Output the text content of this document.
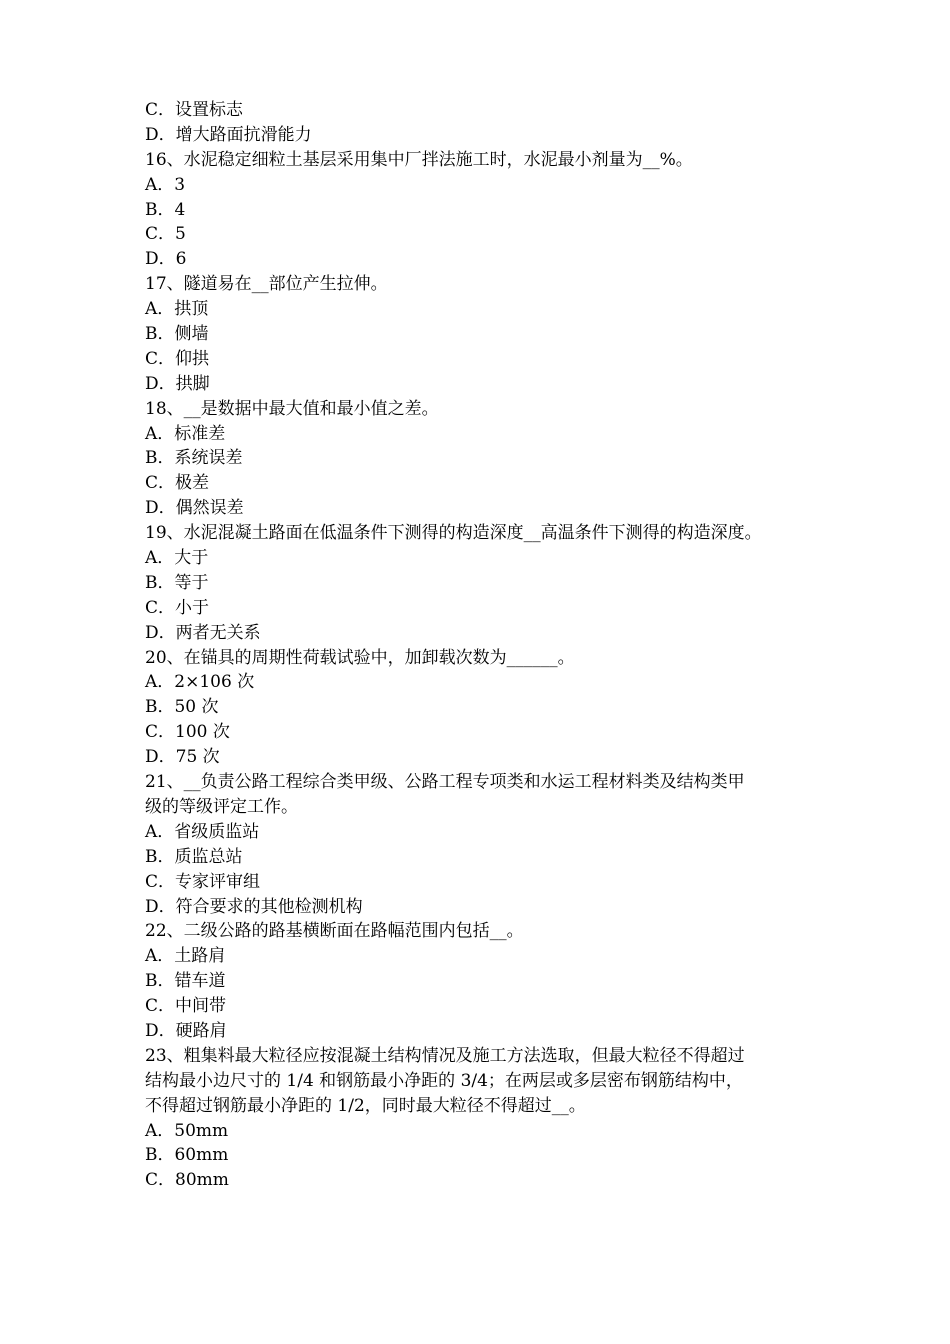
C．设置标志
D．增大路面抗滑能力
16、水泥稳定细粒土基层采用集中厂拌法施工时，水泥最小剂量为__%。
A．3
B．4
C．5
D．6
17、隧道易在__部位产生拉伸。
A．拱顶
B．侧墙
C．仰拱
D．拱脚
18、__是数据中最大值和最小值之差。
A．标准差
B．系统误差
C．极差
D．偶然误差
19、水泥混凝土路面在低温条件下测得的构造深度__高温条件下测得的构造深度。
A．大于
B．等于
C．小于
D．两者无关系
20、在锚具的周期性荷载试验中，加卸载次数为______。
A．2×106 次
B．50 次
C．100 次
D．75 次
21、__负责公路工程综合类甲级、公路工程专项类和水运工程材料类及结构类甲
级的等级评定工作。
A．省级质监站
B．质监总站
C．专家评审组
D．符合要求的其他检测机构
22、二级公路的路基横断面在路幅范围内包括__。
A．土路肩
B．错车道
C．中间带
D．硬路肩
23、粗集料最大粒径应按混凝土结构情况及施工方法选取，但最大粒径不得超过
结构最小边尺寸的 1/4 和钢筋最小净距的 3/4；在两层或多层密布钢筋结构中，
不得超过钢筋最小净距的 1/2，同时最大粒径不得超过__。
A．50mm
B．60mm
C．80mm
